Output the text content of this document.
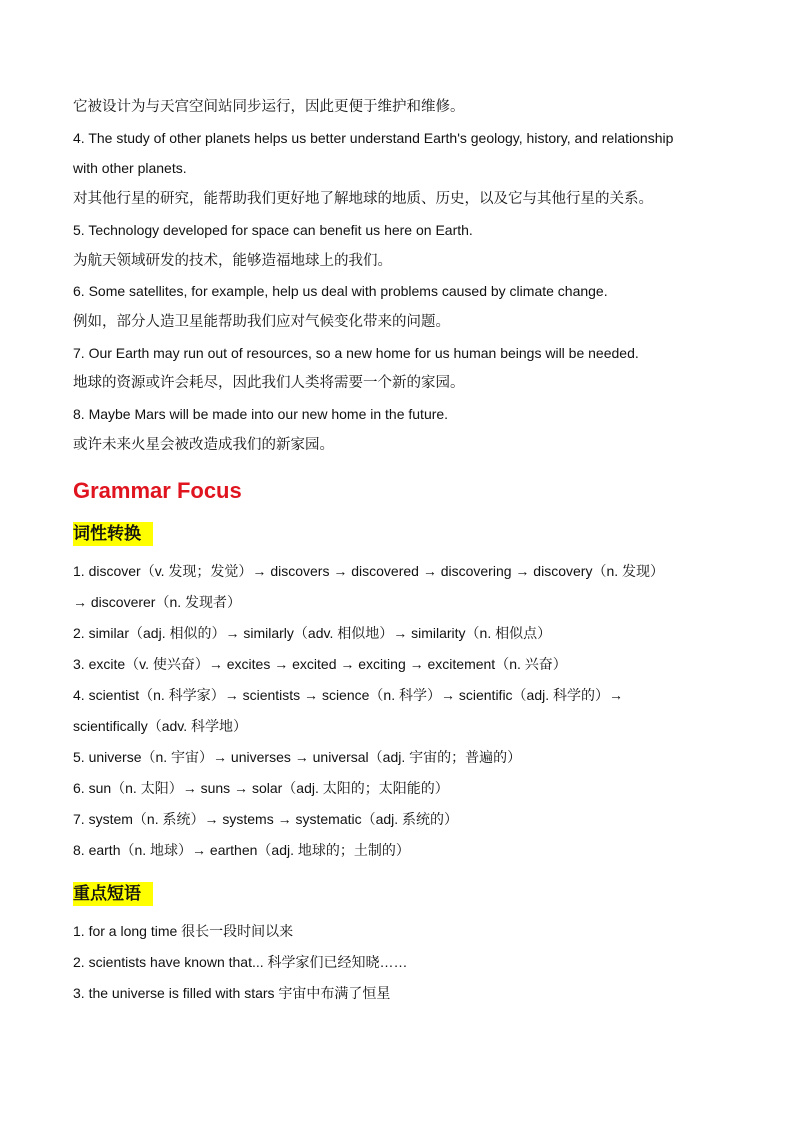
它被设计为与天宫空间站同步运行，因此更便于维护和维修。
4. The study of other planets helps us better understand Earth's geology, history, and relationship
with other planets.
对其他行星的研究，能帮助我们更好地了解地球的地质、历史，以及它与其他行星的关系。
5. Technology developed for space can benefit us here on Earth.
为航天领域研发的技术，能够造福地球上的我们。
6. Some satellites, for example, help us deal with problems caused by climate change.
例如，部分人造卫星能帮助我们应对气候变化带来的问题。
7. Our Earth may run out of resources, so a new home for us human beings will be needed.
地球的资源或许会耗尽，因此我们人类将需要一个新的家园。
8. Maybe Mars will be made into our new home in the future.
或许未来火星会被改造成我们的新家园。
Grammar Focus
词性转换
1. discover（v. 发现；发觉）→ discovers → discovered → discovering → discovery（n. 发现）
→ discoverer（n. 发现者）
2. similar（adj. 相似的）→ similarly（adv. 相似地）→ similarity（n. 相似点）
3. excite（v. 使兴奋）→ excites → excited → exciting → excitement（n. 兴奋）
4. scientist（n. 科学家）→ scientists → science（n. 科学）→ scientific（adj. 科学的）→
scientifically（adv. 科学地）
5. universe（n. 宇宙）→ universes → universal（adj. 宇宙的；普遍的）
6. sun（n. 太阳）→ suns → solar（adj. 太阳的；太阳能的）
7. system（n. 系统）→ systems → systematic（adj. 系统的）
8. earth（n. 地球）→ earthen（adj. 地球的；土制的）
重点短语
1. for a long time 很长一段时间以来
2. scientists have known that... 科学家们已经知晓……
3. the universe is filled with stars 宇宙中布满了恒星
